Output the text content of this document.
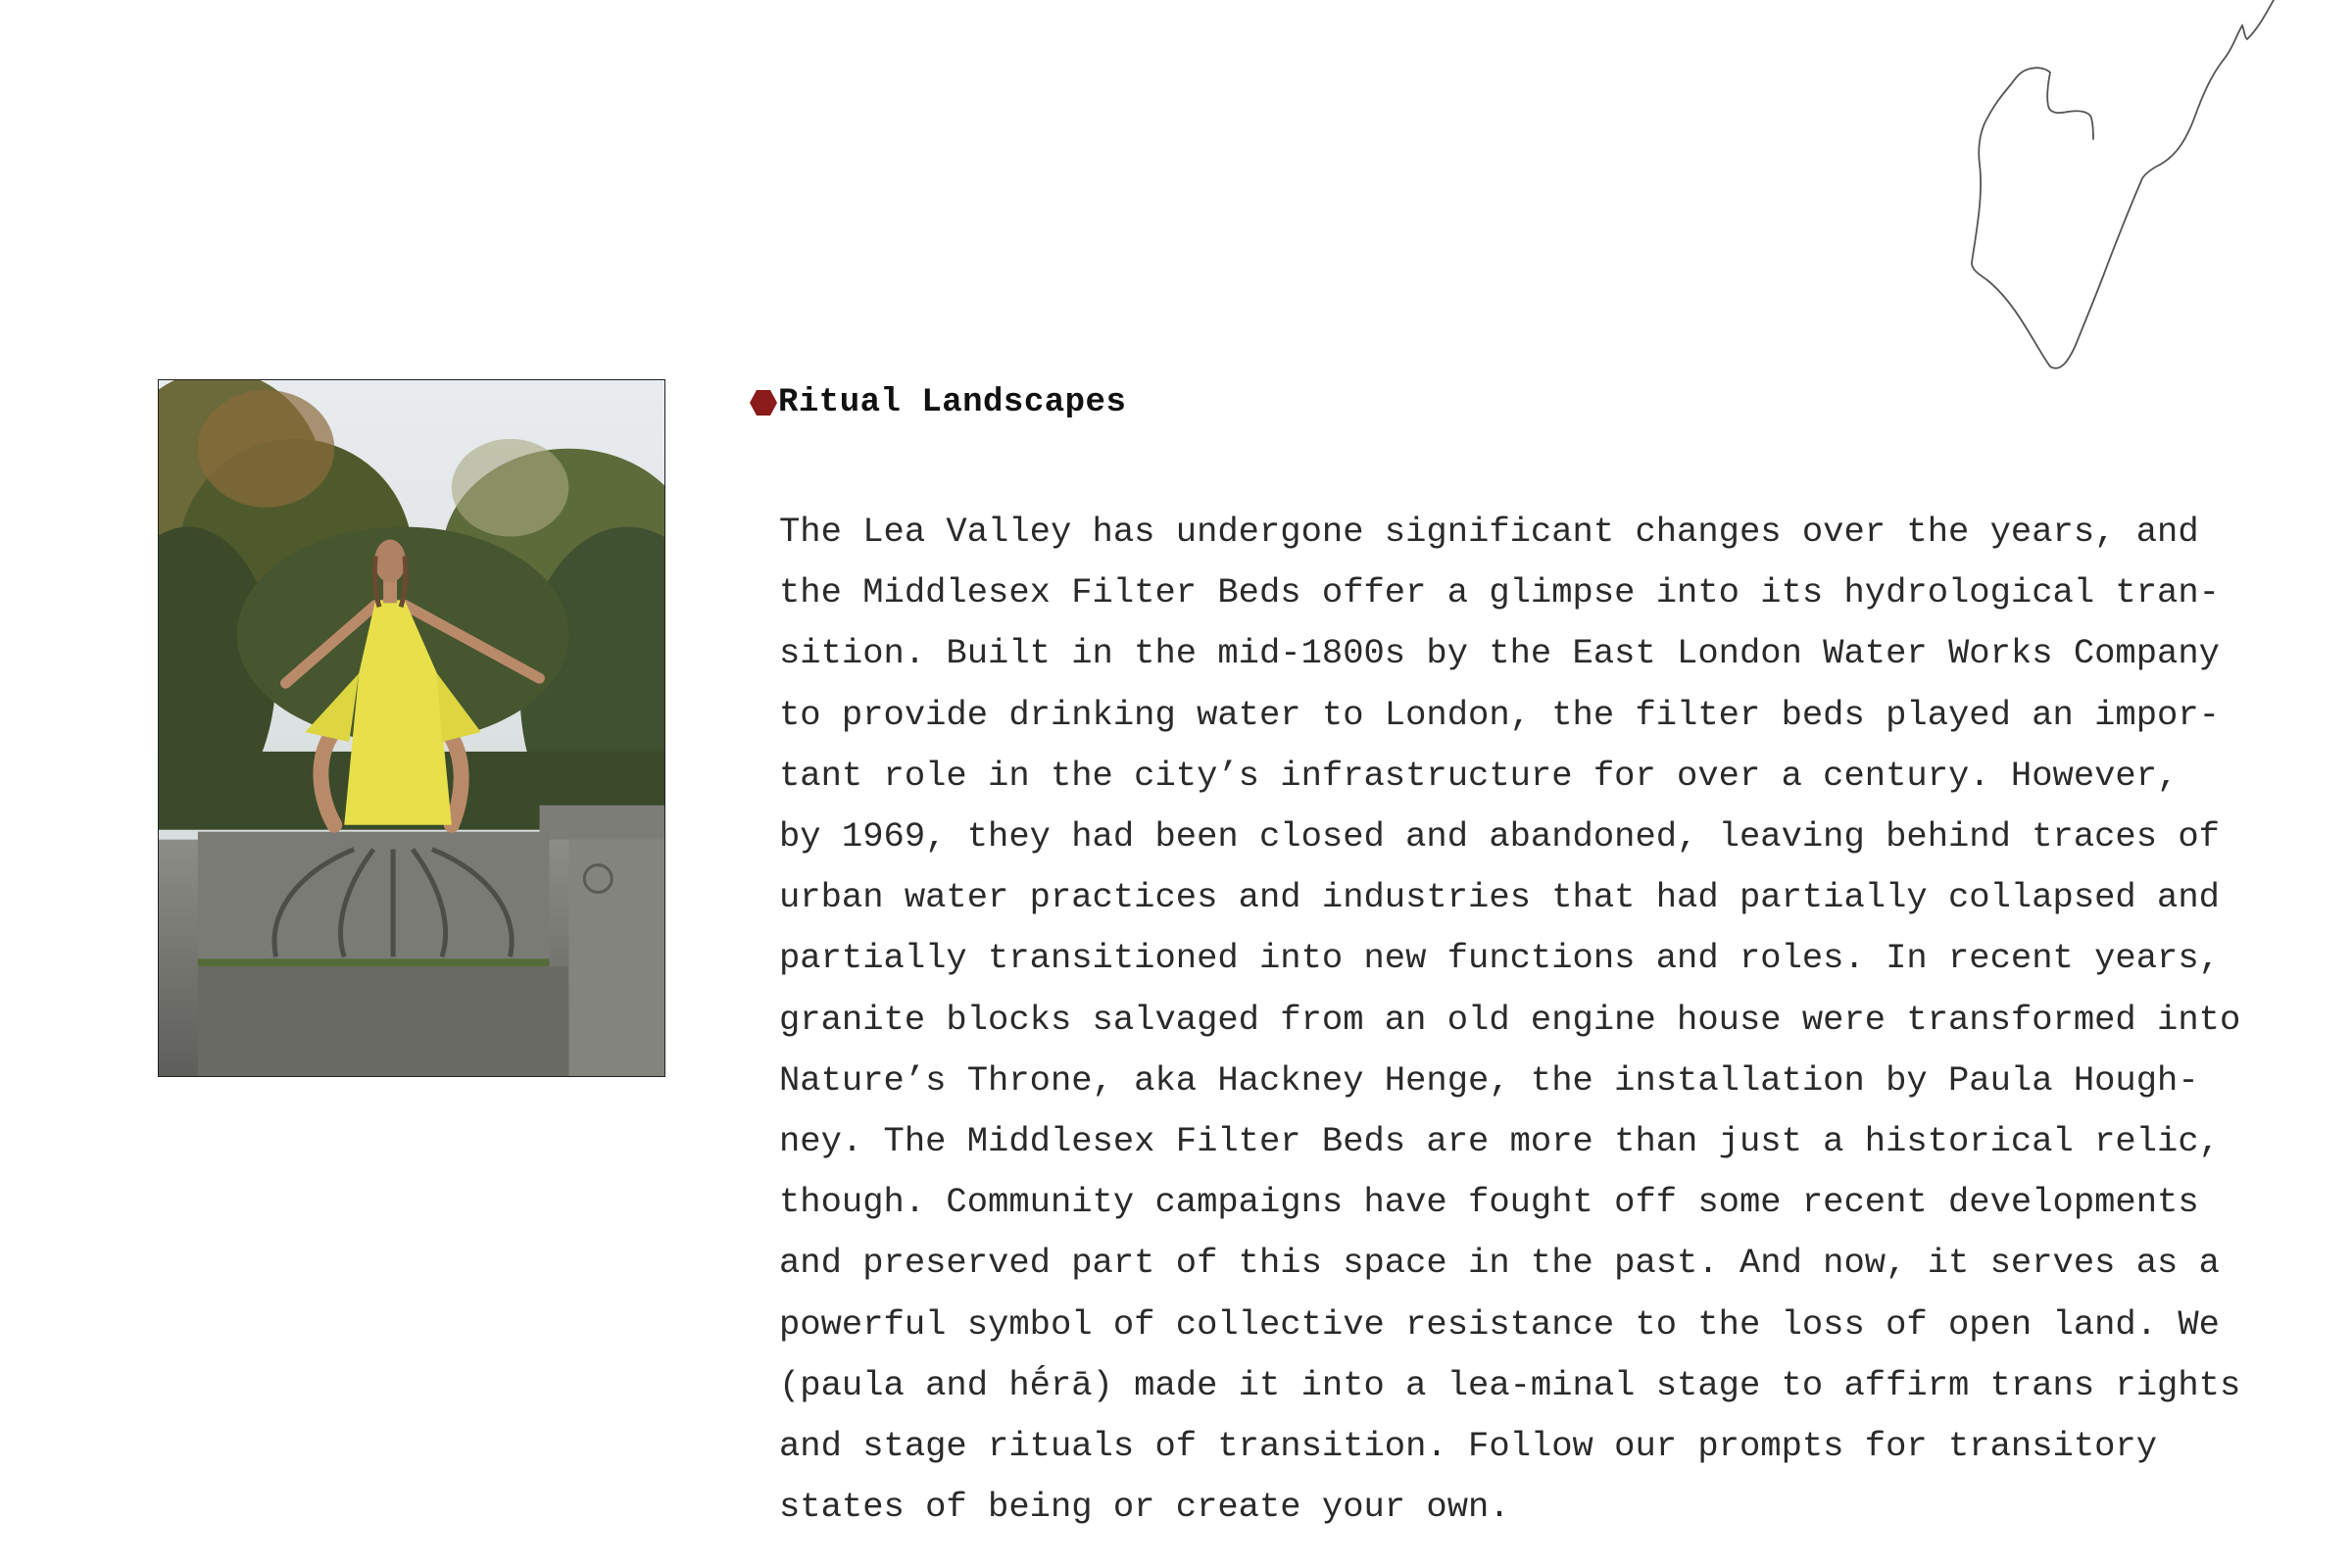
Ritual Landscapes
The Lea Valley has undergone significant changes over the years, and
the Middlesex Filter Beds offer a glimpse into its hydrological tran-
sition. Built in the mid-1800s by the East London Water Works Company
to provide drinking water to London, the filter beds played an impor-
tant role in the city’s infrastructure for over a century. However,
by 1969, they had been closed and abandoned, leaving behind traces of
urban water practices and industries that had partially collapsed and
partially transitioned into new functions and roles. In recent years,
granite blocks salvaged from an old engine house were transformed into
Nature’s Throne, aka Hackney Henge, the installation by Paula Hough-
ney. The Middlesex Filter Beds are more than just a historical relic,
though. Community campaigns have fought off some recent developments
and preserved part of this space in the past. And now, it serves as a
powerful symbol of collective resistance to the loss of open land. We
(paula and hḗrā) made it into a lea-minal stage to affirm trans rights
and stage rituals of transition. Follow our prompts for transitory
states of being or create your own.
